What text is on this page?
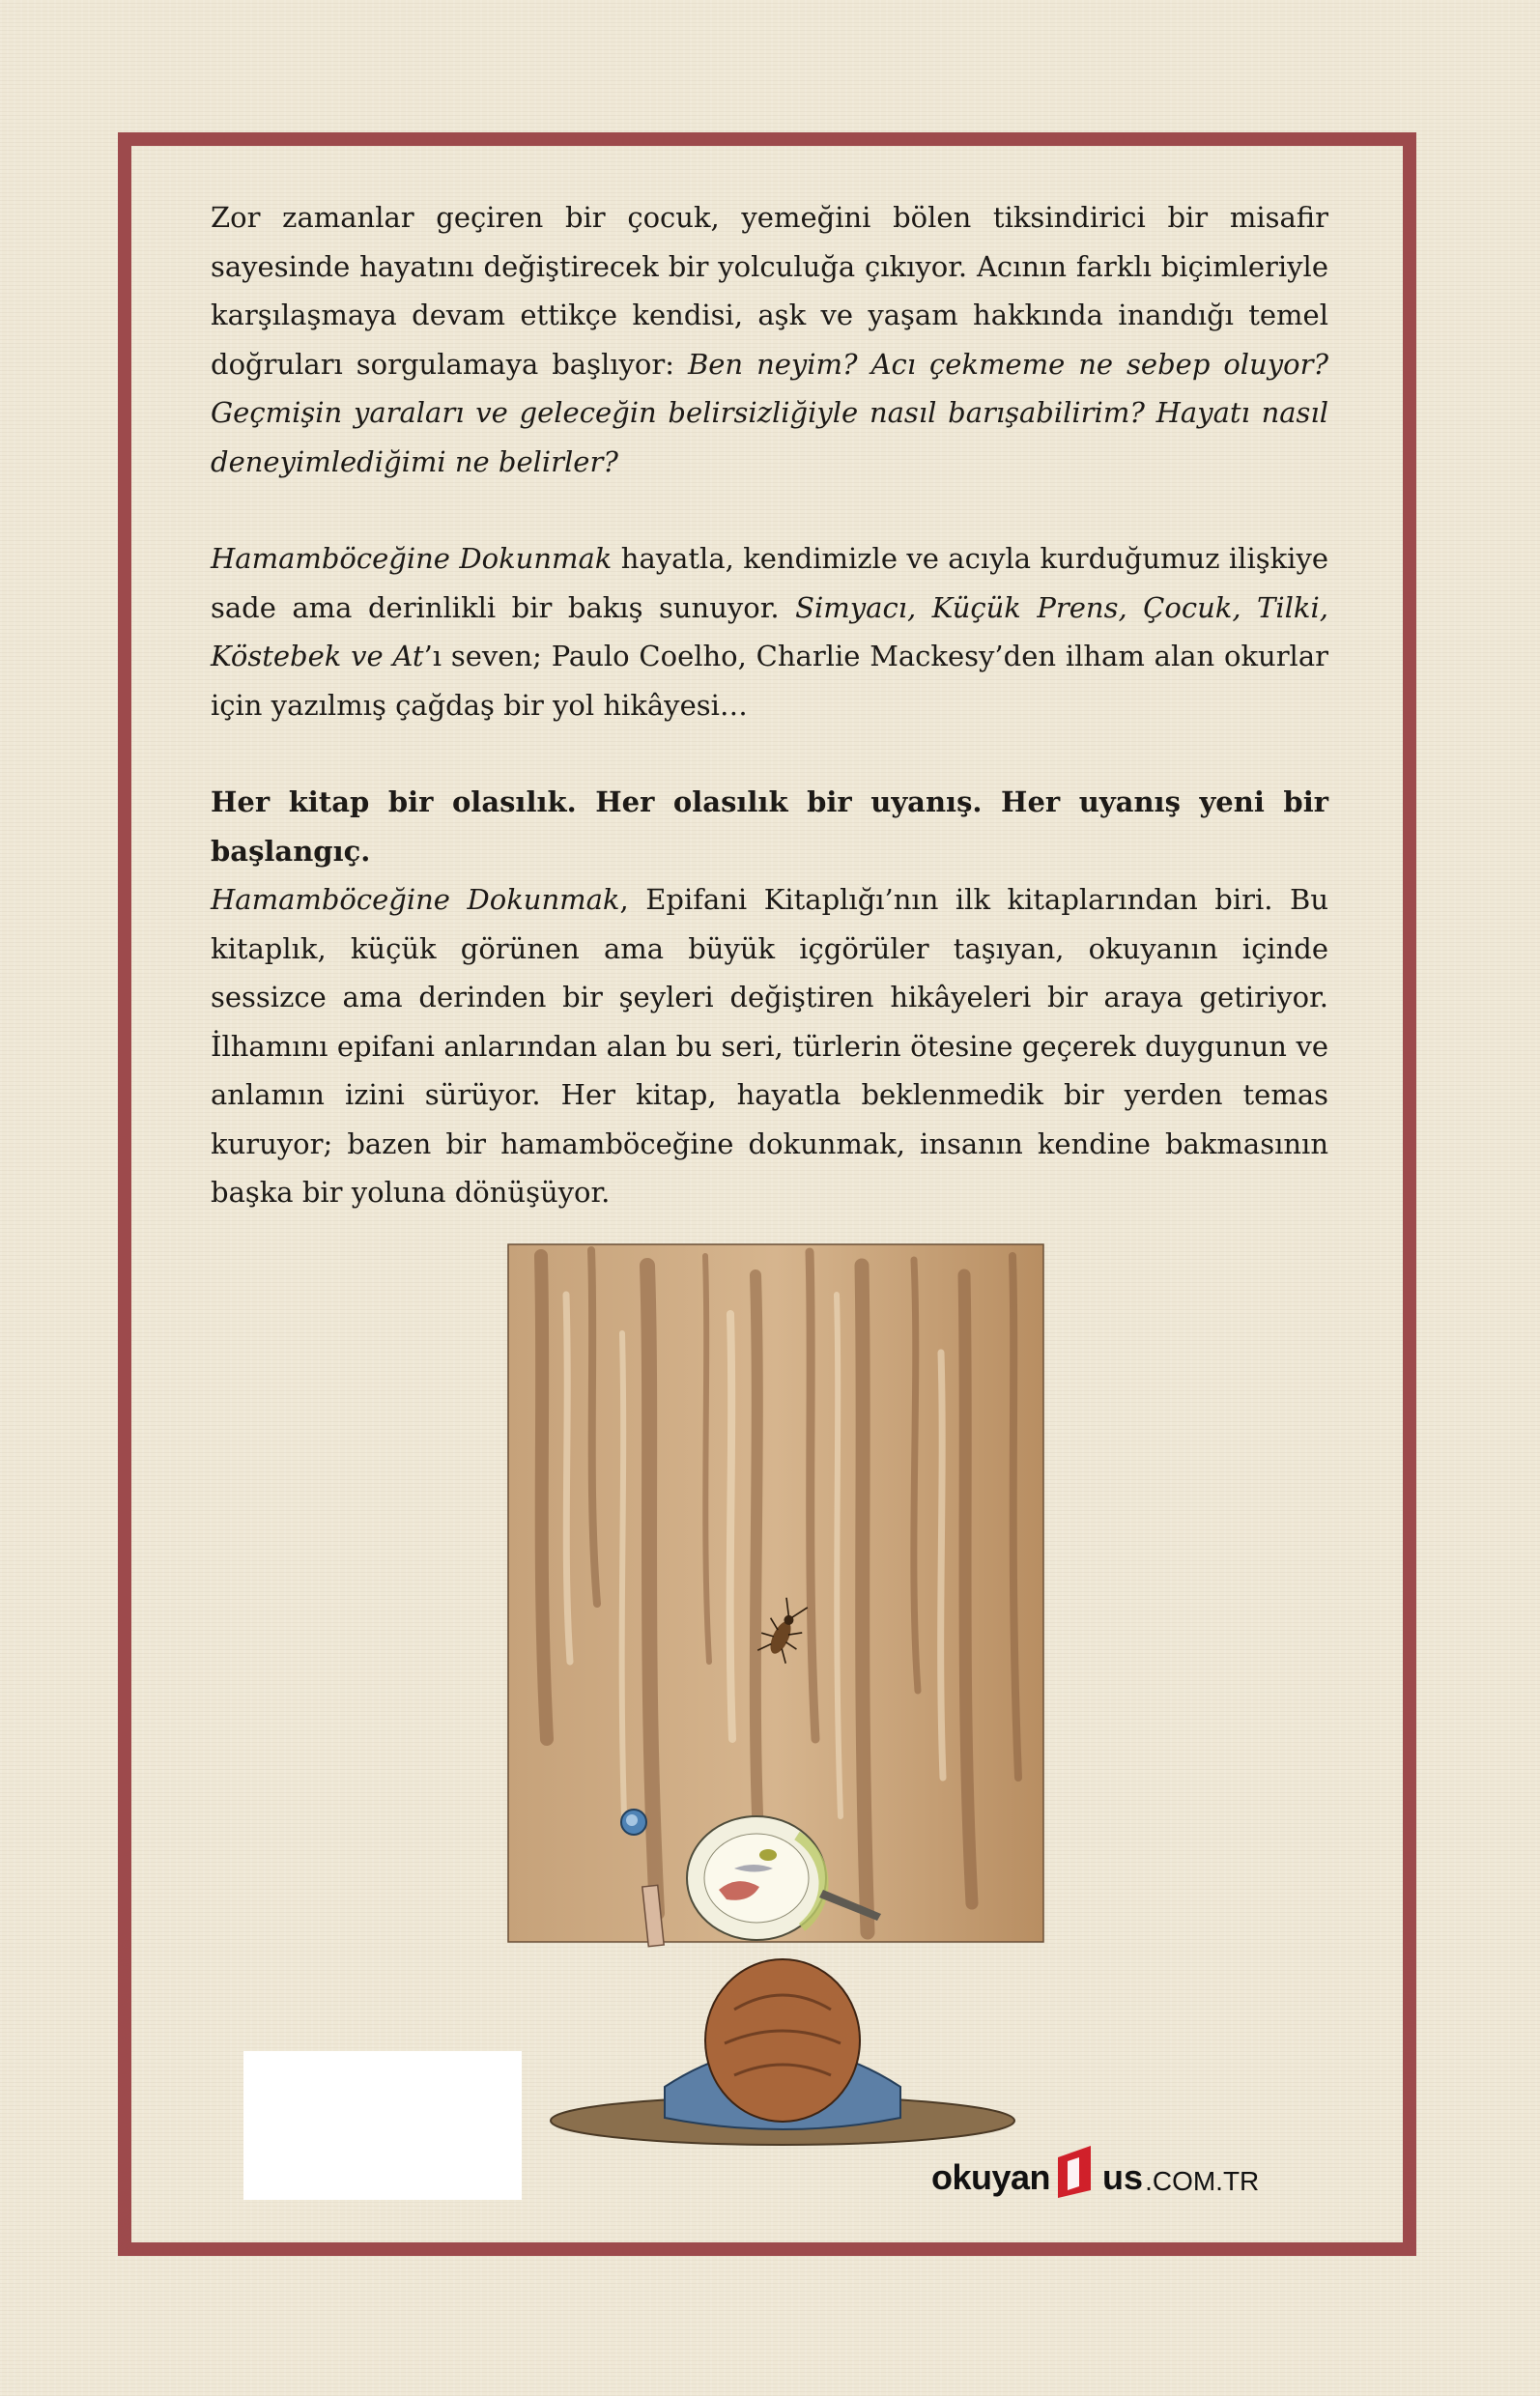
Zor zamanlar geçiren bir çocuk, yemeğini bölen tiksindirici bir misafir sayesinde hayatını değiştirecek bir yolculuğa çıkıyor. Acının farklı biçimleriyle karşılaşmaya devam ettikçe kendisi, aşk ve yaşam hakkında inandığı temel doğruları sorgulamaya başlıyor: Ben neyim? Acı çekmeme ne sebep oluyor? Geçmişin yaraları ve geleceğin belirsizliğiyle nasıl barışabilirim? Hayatı nasıl deneyimlediğimi ne belirler?

Hamamböceğine Dokunmak hayatla, kendimizle ve acıyla kurduğumuz ilişkiye sade ama derinlikli bir bakış sunuyor. Simyacı, Küçük Prens, Çocuk, Tilki, Köstebek ve At’ı seven; Paulo Coelho, Charlie Mackesy’den ilham alan okurlar için yazılmış çağdaş bir yol hikâyesi…

Her kitap bir olasılık. Her olasılık bir uyanış. Her uyanış yeni bir başlangıç.
Hamamböceğine Dokunmak, Epifani Kitaplığı’nın ilk kitaplarından biri. Bu kitaplık, küçük görünen ama büyük içgörüler taşıyan, okuyanın içinde sessizce ama derinden bir şeyleri değiştiren hikâyeleri bir araya getiriyor. İlhamını epifani anlarından alan bu seri, türlerin ötesine geçerek duygunun ve anlamın izini sürüyor. Her kitap, hayatla beklenmedik bir yerden temas kuruyor; bazen bir hamamböceğine dokunmak, insanın kendine bakmasının başka bir yoluna dönüşüyor.

okuyan us .COM.TR
